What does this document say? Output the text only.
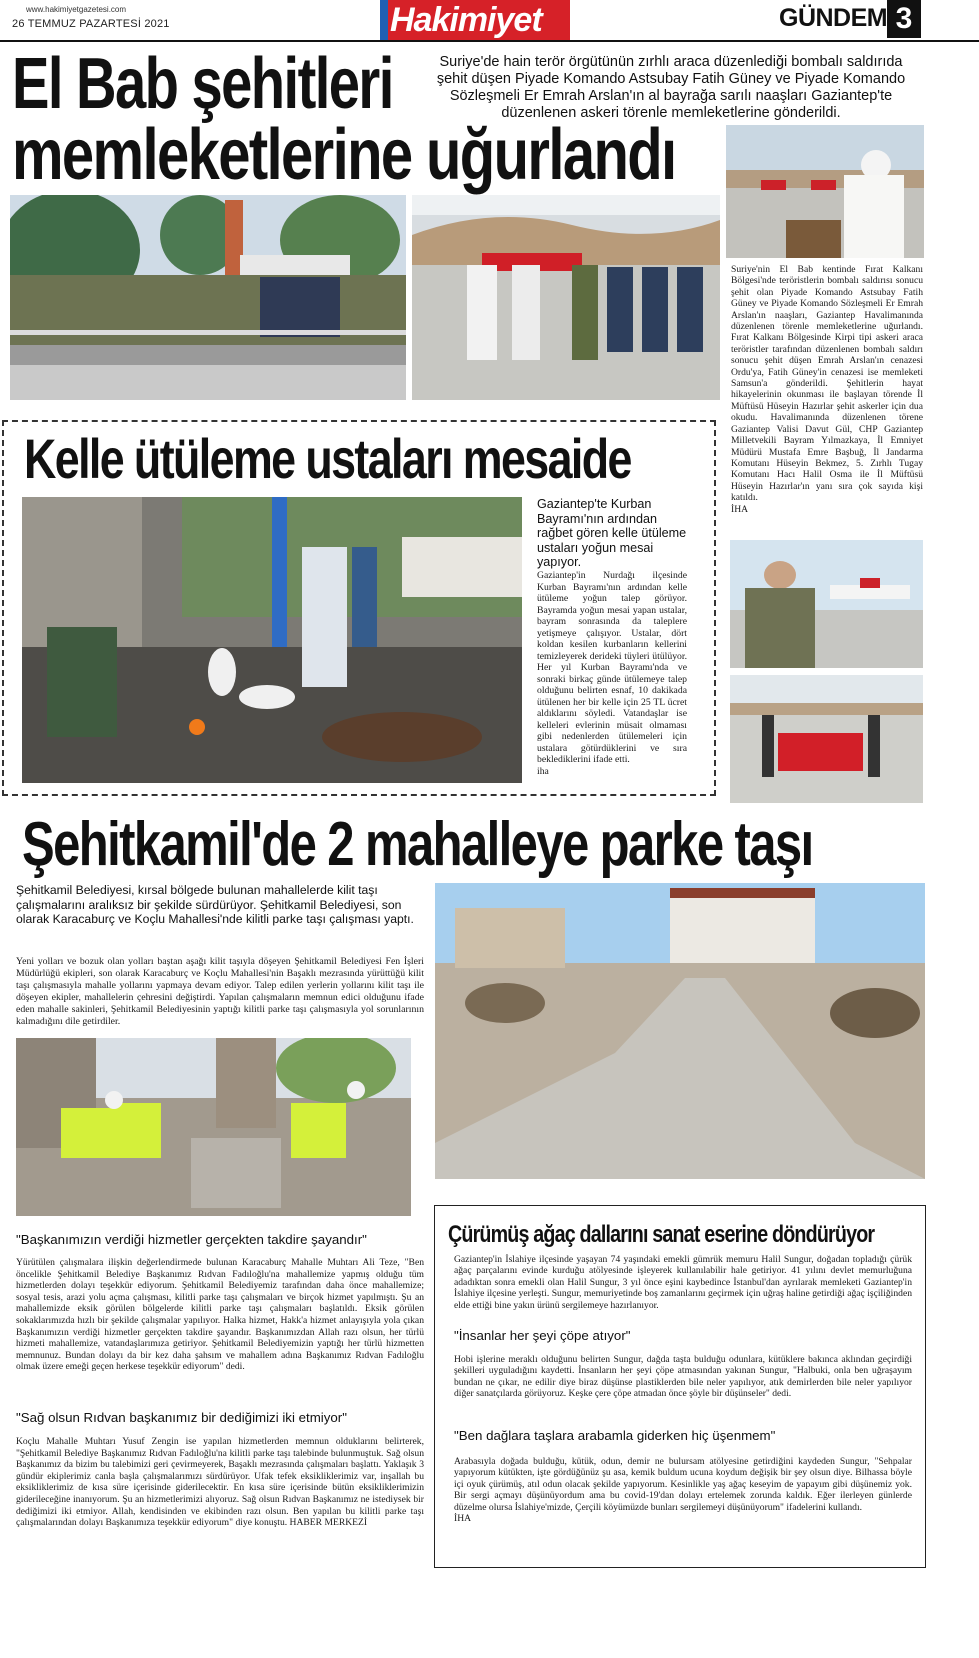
www.hakimiyetgazetesi.com
26 TEMMUZ PAZARTESİ 2021	Hakimiyet	GÜNDEM 3
El Bab şehitleri
memleketlerine uğurlandı
Suriye'de hain terör örgütünün zırhlı araca düzenlediği bombalı saldırıda şehit düşen Piyade Komando Astsubay Fatih Güney ve Piyade Komando Sözleşmeli Er Emrah Arslan'ın al bayrağa sarılı naaşları Gaziantep'te düzenlenen askeri törenle memleketlerine gönderildi.
Suriye'nin El Bab kentinde Fırat Kalkanı Bölgesi'nde teröristlerin bombalı saldırısı sonucu şehit olan Piyade Komando Astsubay Fatih Güney ve Piyade Komando Sözleşmeli Er Emrah Arslan'ın naaşları, Gaziantep Havalimanında düzenlenen törenle memleketlerine uğurlandı. Fırat Kalkanı Bölgesinde Kirpi tipi askeri araca teröristler tarafından düzenlenen bombalı saldırı sonucu şehit düşen Emrah Arslan'ın cenazesi Ordu'ya, Fatih Güney'in cenazesi ise memleketi Samsun'a gönderildi. Şehitlerin hayat hikayelerinin okunması ile başlayan törende İl Müftüsü Hüseyin Hazırlar şehit askerler için dua okudu. Havalimanında düzenlenen törene Gaziantep Valisi Davut Gül, CHP Gaziantep Milletvekili Bayram Yılmazkaya, İl Emniyet Müdürü Mustafa Emre Başbuğ, İl Jandarma Komutanı Hüseyin Bekmez, 5. Zırhlı Tugay Komutanı Hacı Halil Osma ile İl Müftüsü Hüseyin Hazırlar'ın yanı sıra çok sayıda kişi katıldı.
İHA
Kelle ütüleme ustaları mesaide
Gaziantep'te Kurban Bayramı'nın ardından rağbet gören kelle ütüleme ustaları yoğun mesai yapıyor.
Gaziantep'in Nurdağı ilçesinde Kurban Bayramı'nın ardından kelle ütüleme yoğun talep görüyor. Bayramda yoğun mesai yapan ustalar, bayram sonrasında da taleplere yetişmeye çalışıyor. Ustalar, dört koldan kesilen kurbanların kellerini temizleyerek derideki tüyleri ütülüyor. Her yıl Kurban Bayramı'nda ve sonraki birkaç günde ütülemeye talep olduğunu belirten esnaf, 10 dakikada ütülenen her bir kelle için 25 TL ücret aldıklarını söyledi. Vatandaşlar ise kelleleri evlerinin müsait olmaması gibi nedenlerden ütülemeleri için ustalara götürdüklerini ve sıra beklediklerini ifade etti.
iha
Şehitkamil'de 2 mahalleye parke taşı
Şehitkamil Belediyesi, kırsal bölgede bulunan mahallelerde kilit taşı çalışmalarını aralıksız bir şekilde sürdürüyor. Şehitkamil Belediyesi, son olarak Karacaburç ve Koçlu Mahallesi'nde kilitli parke taşı çalışması yaptı.
Yeni yolları ve bozuk olan yolları baştan aşağı kilit taşıyla döşeyen Şehitkamil Belediyesi Fen İşleri Müdürlüğü ekipleri, son olarak Karacaburç ve Koçlu Mahallesi'nin Başaklı mezrasında yürüttüğü kilit taşı çalışmasıyla mahalle yollarını yapmaya devam ediyor. Talep edilen yerlerin yollarını kilit taşı ile döşeyen ekipler, mahallelerin çehresini değiştirdi. Yapılan çalışmaların memnun edici olduğunu ifade eden mahalle sakinleri, Şehitkamil Belediyesinin yaptığı kilitli parke taşı çalışmasıyla yol sorunlarının kalmadığını dile getirdiler.
"Başkanımızın verdiği hizmetler gerçekten takdire şayandır"
Yürütülen çalışmalara ilişkin değerlendirmede bulunan Karacaburç Mahalle Muhtarı Ali Teze, "Ben öncelikle Şehitkamil Belediye Başkanımız Rıdvan Fadıloğlu'na mahallemize yapmış olduğu tüm hizmetlerden dolayı teşekkür ediyorum. Şehitkamil Belediyemiz tarafından daha önce mahallemize; sosyal tesis, arazi yolu açma çalışması, kilitli parke taşı çalışmaları ve birçok hizmet yapılmıştı. Şu an mahallemizde eksik görülen bölgelerde kilitli parke taşı çalışmaları başlatıldı. Eksik görülen sokaklarımızda hızlı bir şekilde çalışmalar yapılıyor. Halka hizmet, Hakk'a hizmet anlayışıyla yola çıkan Başkanımızın verdiği hizmetler gerçekten takdire şayandır. Başkanımızdan Allah razı olsun, her türlü hizmeti mahallemize, vatandaşlarımıza getiriyor. Şehitkamil Belediyemizin yaptığı her türlü hizmetten memnunuz. Bundan dolayı da bir kez daha şahsım ve mahallem adına Başkanımız Rıdvan Fadıloğlu olmak üzere emeği geçen herkese teşekkür ediyorum" dedi.
"Sağ olsun Rıdvan başkanımız bir dediğimizi iki etmiyor"
Koçlu Mahalle Muhtarı Yusuf Zengin ise yapılan hizmetlerden memnun olduklarını belirterek, "Şehitkamil Belediye Başkanımız Rıdvan Fadıloğlu'na kilitli parke taşı talebinde bulunmuştuk. Sağ olsun Başkanımız da bizim bu talebimizi geri çevirmeyerek, Başaklı mezrasında çalışmaları başlattı. Yaklaşık 3 gündür ekiplerimiz canla başla çalışmalarımızı sürdürüyor. Ufak tefek eksikliklerimiz var, inşallah bu eksikliklerimiz de kısa süre içerisinde giderilecektir. En kısa süre içerisinde bütün eksikliklerimizin giderileceğine inanıyorum. Şu an hizmetlerimizi alıyoruz. Sağ olsun Rıdvan Başkanımız ne istediysek bir dediğimizi iki etmiyor. Allah, kendisinden ve ekibinden razı olsun. Ben yapılan bu kilitli parke taşı çalışmalarından dolayı Başkanımıza teşekkür ediyorum" diye konuştu. HABER MERKEZİ
Çürümüş ağaç dallarını sanat eserine döndürüyor
Gaziantep'in İslahiye ilçesinde yaşayan 74 yaşındaki emekli gümrük memuru Halil Sungur, doğadan topladığı çürük ağaç parçalarını evinde kurduğu atölyesinde işleyerek kullanılabilir hale getiriyor. 41 yılını devlet memurluğuna adadıktan sonra emekli olan Halil Sungur, 3 yıl önce eşini kaybedince İstanbul'dan ayrılarak memleketi Gaziantep'in İslahiye ilçesine yerleşti. Sungur, memuriyetinde boş zamanlarını geçirmek için uğraş haline getirdiği ağaç işçiliğinden elde ettiği bine yakın ürünü sergilemeye hazırlanıyor.
"İnsanlar her şeyi çöpe atıyor"
Hobi işlerine meraklı olduğunu belirten Sungur, dağda taşta bulduğu odunlara, kütüklere bakınca aklından geçirdiği şekilleri uyguladığını kaydetti. İnsanların her şeyi çöpe atmasından yakınan Sungur, "Halbuki, onla ben uğraşayım bundan ne çıkar, ne edilir diye biraz düşünse plastiklerden bile neler yapılıyor, atık demirlerden bile neler yapılıyor diğer sanatçılarda görüyoruz. Keşke çere çöpe atmadan önce şöyle bir düşünseler" dedi.
"Ben dağlara taşlara arabamla giderken hiç üşenmem"
Arabasıyla doğada bulduğu, kütük, odun, demir ne bulursam atölyesine getirdiğini kaydeden Sungur, "Sehpalar yapıyorum kütükten, işte gördüğünüz şu asa, kemik buldum ucuna koydum değişik bir şey olsun diye. Bilhassa böyle içi oyuk çürümüş, atıl odun olacak şekilde yapıyorum. Kesinlikle yaş ağaç keseyim de yapayım gibi düşünemiz yok. Bir sergi açmayı düşünüyordum ama bu covid-19'dan dolayı ertelemek zorunda kaldık. Eğer ilerleyen günlerde düzelme olursa İslahiye'mizde, Çerçili köyümüzde bunları sergilemeyi düşünüyorum" ifadelerini kullandı.
İHA
